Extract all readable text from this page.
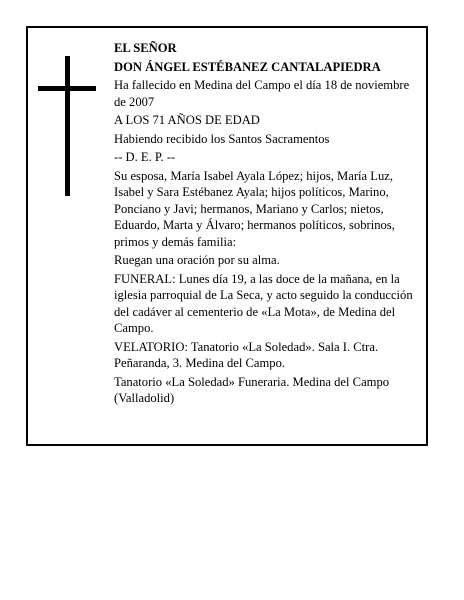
EL SEÑOR

DON ÁNGEL ESTÉBANEZ CANTALAPIEDRA

Ha fallecido en Medina del Campo el día 18 de noviembre de 2007

A LOS 71 AÑOS DE EDAD

Habiendo recibido los Santos Sacramentos

-- D. E. P. --

Su esposa, María Isabel Ayala López; hijos, María Luz, Isabel y Sara Estébanez Ayala; hijos políticos, Marino, Ponciano y Javi; hermanos, Mariano y Carlos; nietos, Eduardo, Marta y Álvaro; hermanos políticos, sobrinos, primos y demás familia:

Ruegan una oración por su alma.

FUNERAL: Lunes día 19, a las doce de la mañana, en la iglesia parroquial de La Seca, y acto seguido la conducción del cadáver al cementerio de «La Mota», de Medina del Campo.

VELATORIO: Tanatorio «La Soledad». Sala I. Ctra. Peñaranda, 3. Medina del Campo.

Tanatorio «La Soledad» Funeraria. Medina del Campo (Valladolid)
